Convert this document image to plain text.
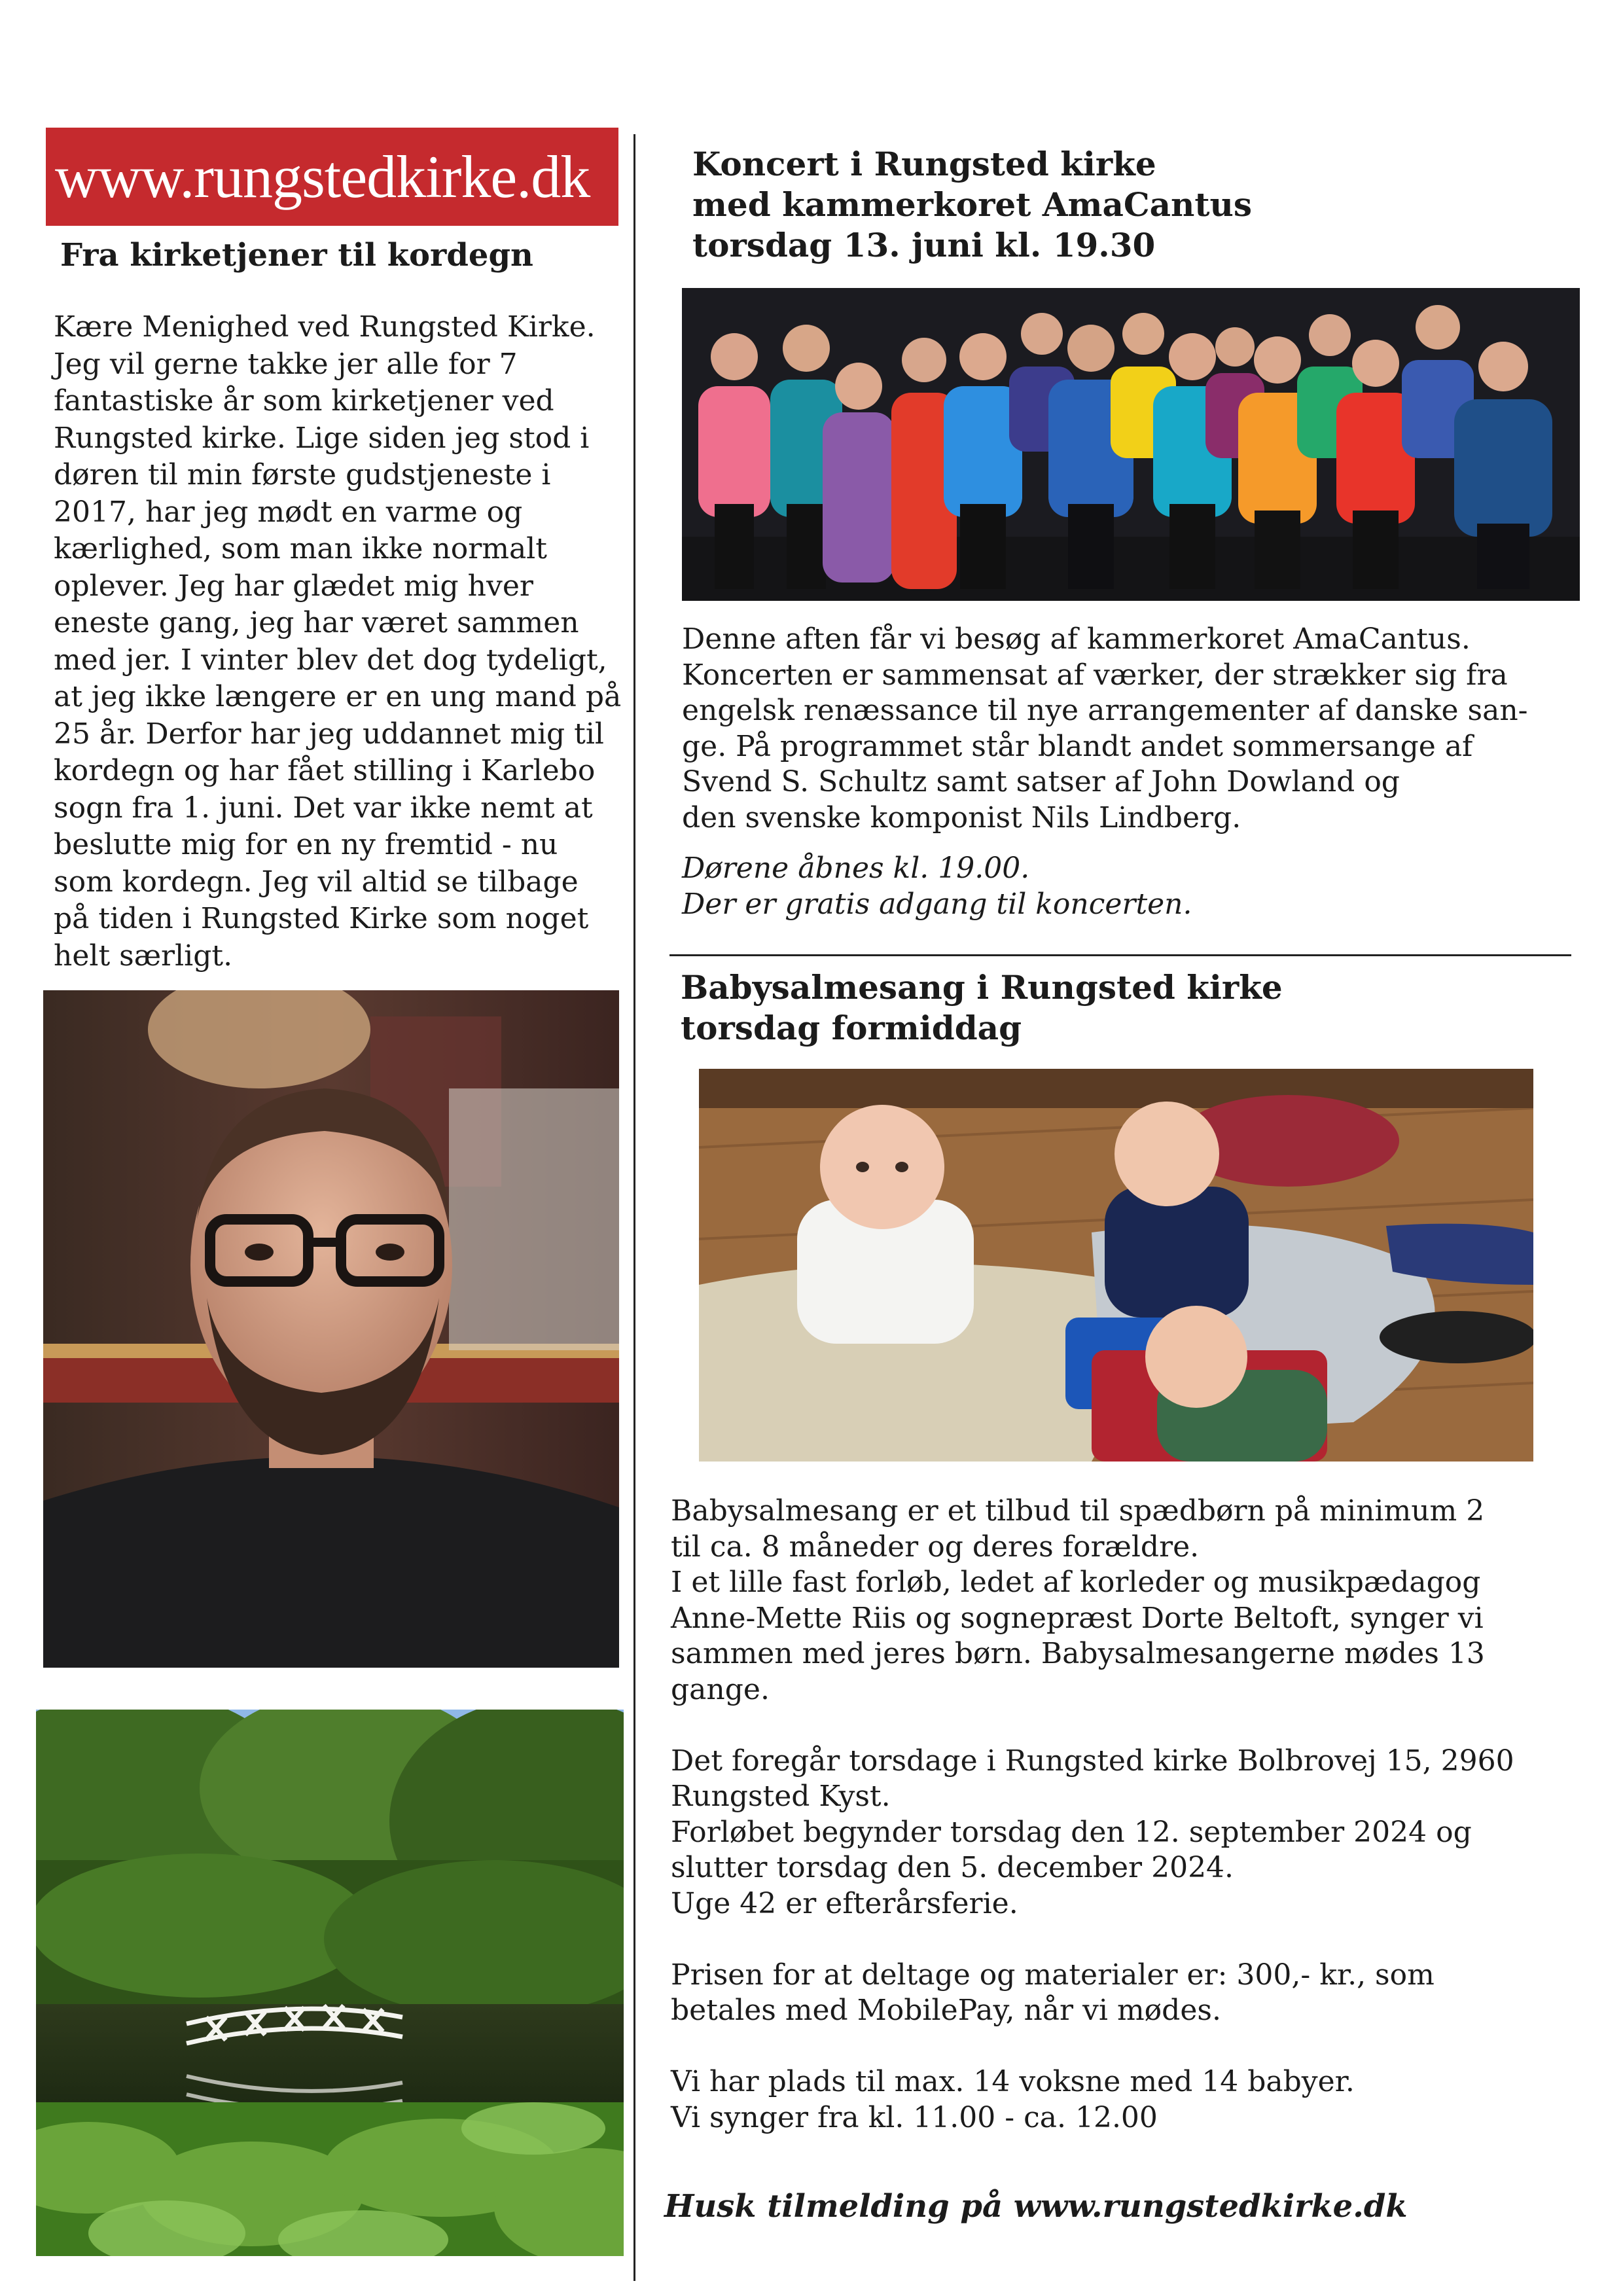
www.rungstedkirke.dk
Fra kirketjener til kordegn

Kære Menighed ved Rungsted Kirke.
Jeg vil gerne takke jer alle for 7
fantastiske år som kirketjener ved
Rungsted kirke. Lige siden jeg stod i
døren til min første gudstjeneste i
2017, har jeg mødt en varme og
kærlighed, som man ikke normalt
oplever. Jeg har glædet mig hver
eneste gang, jeg har været sammen
med jer. I vinter blev det dog tydeligt,
at jeg ikke længere er en ung mand på
25 år. Derfor har jeg uddannet mig til
kordegn og har fået stilling i Karlebo
sogn fra 1. juni. Det var ikke nemt at
beslutte mig for en ny fremtid - nu
som kordegn. Jeg vil altid se tilbage
på tiden i Rungsted Kirke som noget
helt særligt.

Koncert i Rungsted kirke
med kammerkoret AmaCantus
torsdag 13. juni kl. 19.30

Denne aften får vi besøg af kammerkoret AmaCantus.
Koncerten er sammensat af værker, der strækker sig fra
engelsk renæssance til nye arrangementer af danske san-
ge. På programmet står blandt andet sommersange af
Svend S. Schultz samt satser af John Dowland og
den svenske komponist Nils Lindberg.

Dørene åbnes kl. 19.00.
Der er gratis adgang til koncerten.

Babysalmesang i Rungsted kirke
torsdag formiddag

Babysalmesang er et tilbud til spædbørn på minimum 2
til ca. 8 måneder og deres forældre.
I et lille fast forløb, ledet af korleder og musikpædagog
Anne-Mette Riis og sognepræst Dorte Beltoft, synger vi
sammen med jeres børn. Babysalmesangerne mødes 13
gange.

Det foregår torsdage i Rungsted kirke Bolbrovej 15, 2960
Rungsted Kyst.
Forløbet begynder torsdag den 12. september 2024 og
slutter torsdag den 5. december 2024.
Uge 42 er efterårsferie.

Prisen for at deltage og materialer er: 300,- kr., som
betales med MobilePay, når vi mødes.

Vi har plads til max. 14 voksne med 14 babyer.
Vi synger fra kl. 11.00 - ca. 12.00

Husk tilmelding på www.rungstedkirke.dk
